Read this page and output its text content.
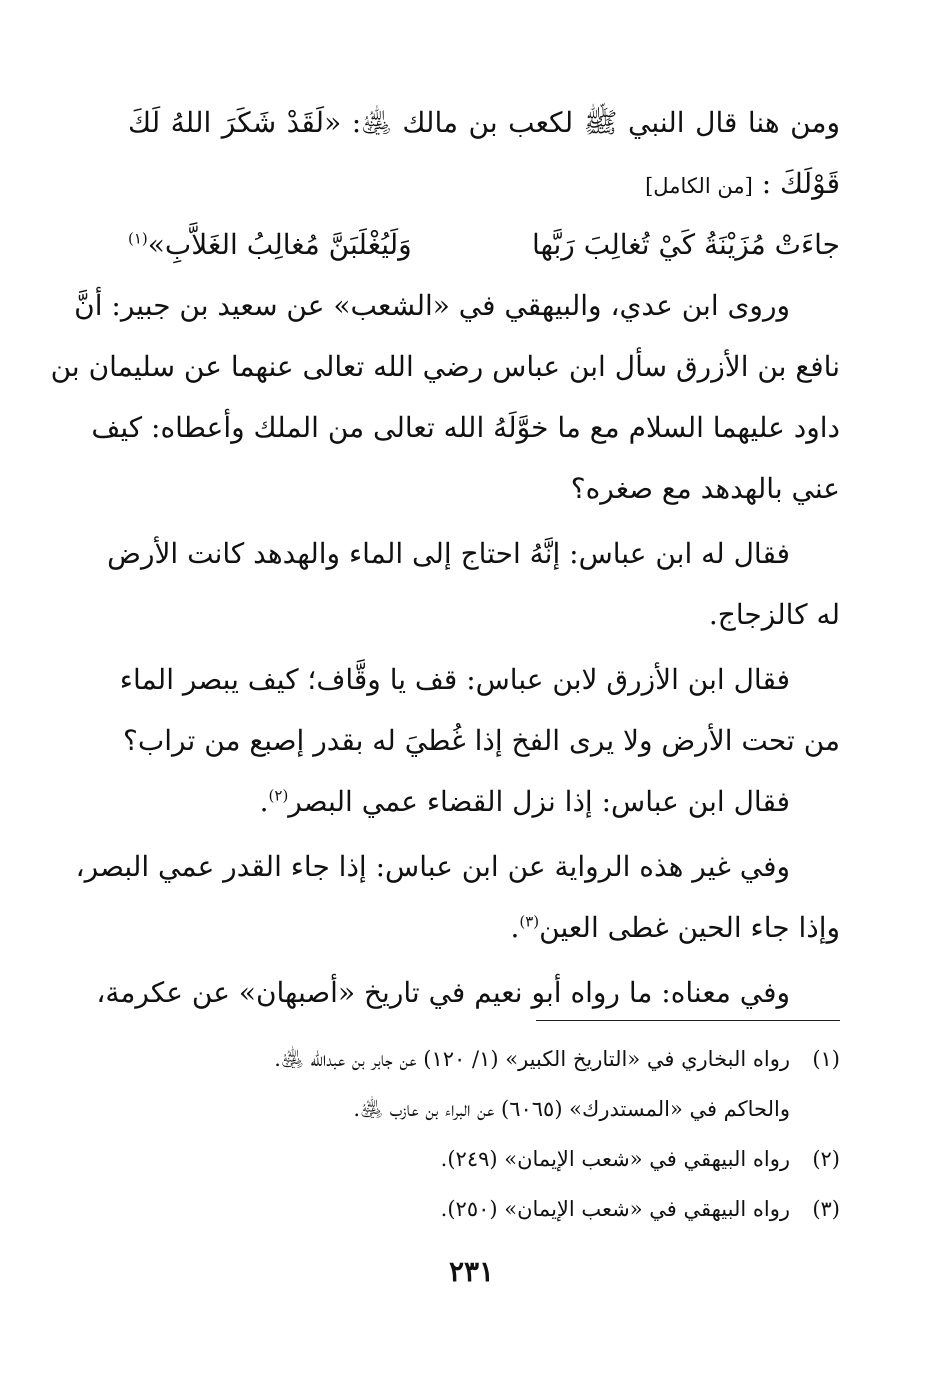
ومن هنا قال النبي ﷺ لكعب بن مالك ﵁: «لَقَدْ شَكَرَ اللهُ لَكَ
قَوْلَكَ : [من الكامل]
جاءَتْ مُزَيْنَةُ كَيْ تُغالِبَ رَبَّها
وَلَيُغْلَبَنَّ مُغالِبُ الغَلاَّبِ»$^{(١)}$
وروى ابن عدي، والبيهقي في «الشعب» عن سعيد بن جبير: أنَّ
نافع بن الأزرق سأل ابن عباس رضي الله تعالى عنهما عن سليمان بن
داود عليهما السلام مع ما خوَّلَهُ الله تعالى من الملك وأعطاه: كيف
عني بالهدهد مع صغره؟
فقال له ابن عباس: إنَّهُ احتاج إلى الماء والهدهد كانت الأرض
له كالزجاج.
فقال ابن الأزرق لابن عباس: قف يا وقَّاف؛ كيف يبصر الماء
من تحت الأرض ولا يرى الفخ إذا غُطيَ له بقدر إصبع من تراب؟
فقال ابن عباس: إذا نزل القضاء عمي البصر$^{(٢)}$.
وفي غير هذه الرواية عن ابن عباس: إذا جاء القدر عمي البصر،
وإذا جاء الحين غطى العين$^{(٣)}$.
وفي معناه: ما رواه أبو نعيم في تاريخ «أصبهان» عن عكرمة،
(١)رواه البخاري في «التاريخ الكبير» (١/ ١٢٠) عن جابر بن عبدالله ﵁.
والحاكم في «المستدرك» (٦٠٦٥) عن البراء بن عازب ﵁.
(٢)رواه البيهقي في «شعب الإيمان» (٢٤٩).
(٣)رواه البيهقي في «شعب الإيمان» (٢٥٠).
٢٣١
